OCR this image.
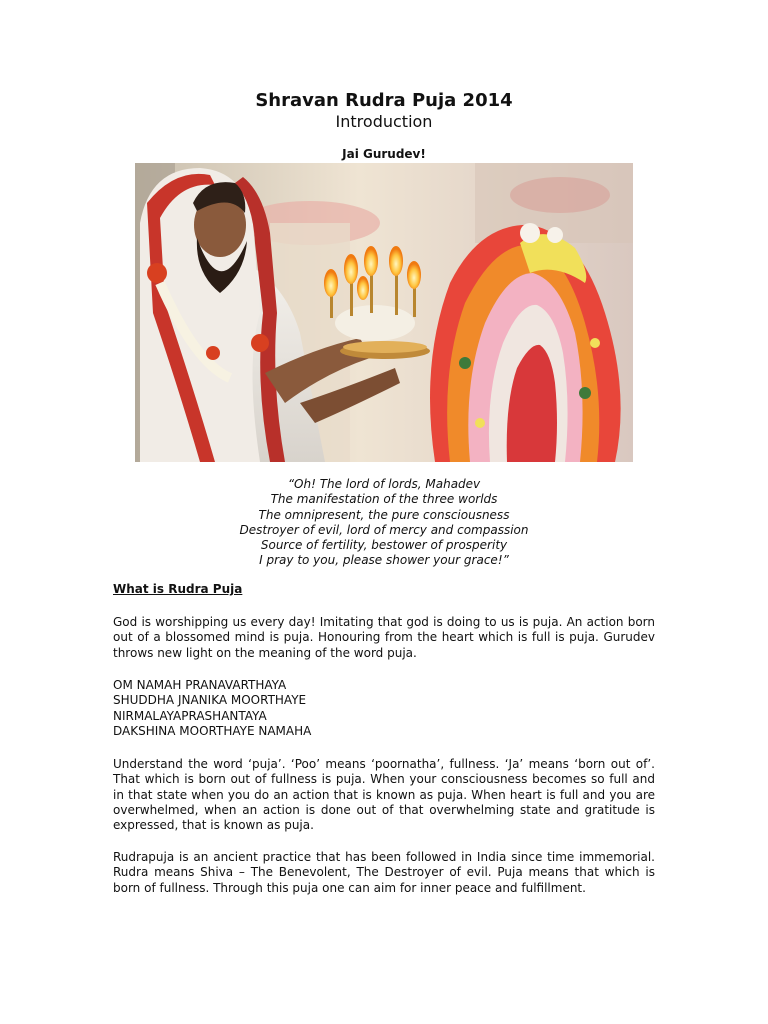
Shravan Rudra Puja 2014
Introduction
Jai Gurudev!
“Oh! The lord of lords, Mahadev
The manifestation of the three worlds
The omnipresent, the pure consciousness
Destroyer of evil, lord of mercy and compassion
Source of fertility, bestower of prosperity
I pray to you, please shower your grace!”
What is Rudra Puja
God is worshipping us every day! Imitating that god is doing to us is puja. An action born out of a blossomed mind is puja. Honouring from the heart which is full is puja. Gurudev throws new light on the meaning of the word puja.
OM NAMAH PRANAVARTHAYA
SHUDDHA JNANIKA MOORTHAYE
NIRMALAYAPRASHANTAYA
DAKSHINA MOORTHAYE NAMAHA
Understand the word ‘puja’. ‘Poo’ means ‘poornatha’, fullness. ‘Ja’ means ‘born out of’. That which is born out of fullness is puja. When your consciousness becomes so full and in that state when you do an action that is known as puja. When heart is full and you are overwhelmed, when an action is done out of that overwhelming state and gratitude is expressed, that is known as puja.
Rudrapuja is an ancient practice that has been followed in India since time immemorial. Rudra means Shiva – The Benevolent, The Destroyer of evil. Puja means that which is born of fullness. Through this puja one can aim for inner peace and fulfillment.
